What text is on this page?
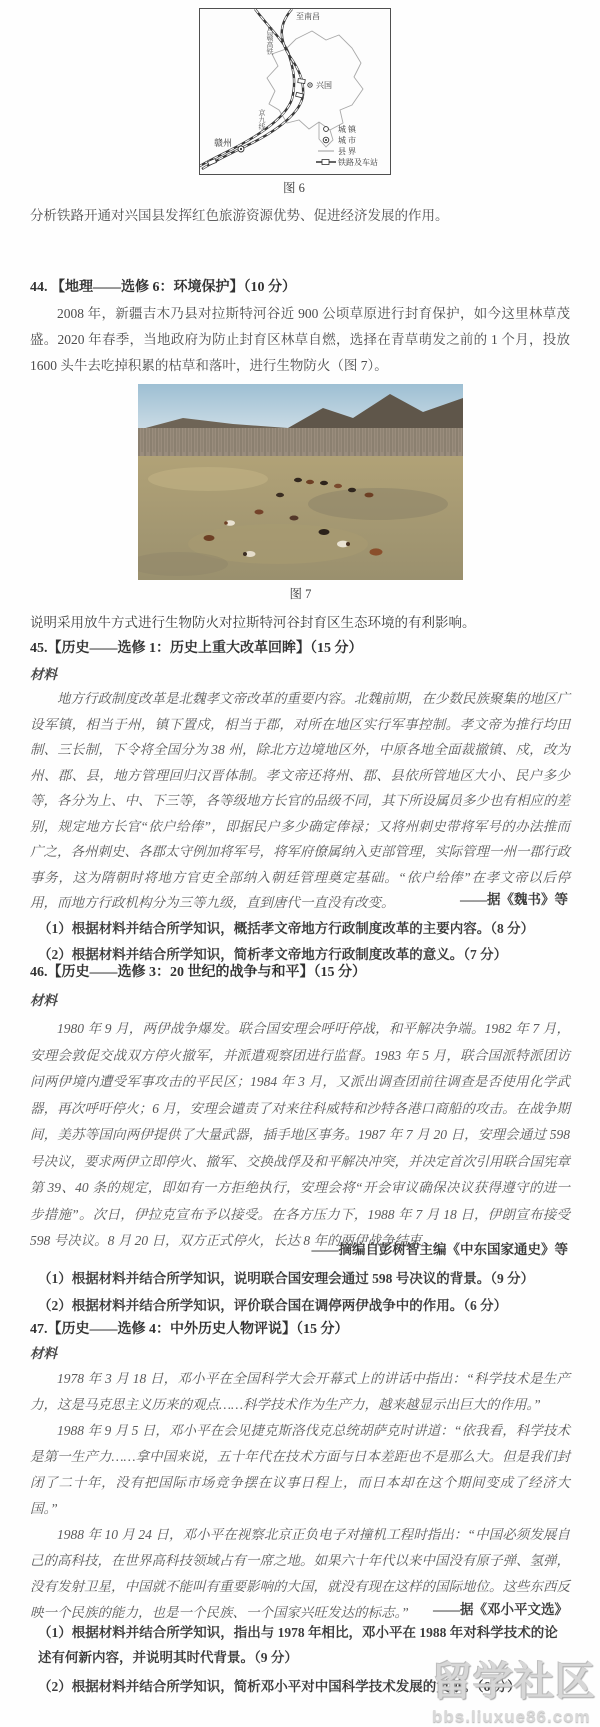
兴国
赣州
至南昌
昌赣高铁
京九线	城 镇
城 市
县 界
铁路及车站
图 6
分析铁路开通对兴国县发挥红色旅游资源优势、促进经济发展的作用。
44. 【地理——选修 6：环境保护】（10 分）
2008 年，新疆吉木乃县对拉斯特河谷近 900 公顷草原进行封育保护，如今这里林草茂盛。2020 年春季，当地政府为防止封育区林草自燃，选择在青草萌发之前的 1 个月，投放 1600 头牛去吃掉积累的枯草和落叶，进行生物防火（图 7）。
图 7
说明采用放牛方式进行生物防火对拉斯特河谷封育区生态环境的有利影响。
45.【历史——选修 1：历史上重大改革回眸】（15 分）
材料
地方行政制度改革是北魏孝文帝改革的重要内容。北魏前期，在少数民族聚集的地区广设军镇，相当于州，镇下置戍，相当于郡，对所在地区实行军事控制。孝文帝为推行均田制、三长制，下令将全国分为 38 州，除北方边境地区外，中原各地全面裁撤镇、戍，改为州、郡、县，地方管理回归汉晋体制。孝文帝还将州、郡、县依所管地区大小、民户多少等，各分为上、中、下三等，各等级地方长官的品级不同，其下所设属员多少也有相应的差别，规定地方长官“依户给俸”，即据民户多少确定俸禄；又将州刺史带将军号的办法推而广之，各州刺史、各郡太守例加将军号，将军府僚属纳入吏部管理，实际管理一州一郡行政事务，这为隋朝时将地方官吏全部纳入朝廷管理奠定基础。“依户给俸”在孝文帝以后停用，而地方行政机构分为三等九级，直到唐代一直没有改变。	——据《魏书》等
（1）根据材料并结合所学知识，概括孝文帝地方行政制度改革的主要内容。（8 分）
（2）根据材料并结合所学知识，简析孝文帝地方行政制度改革的意义。（7 分）
46.【历史——选修 3：20 世纪的战争与和平】（15 分）
材料
1980 年 9 月，两伊战争爆发。联合国安理会呼吁停战，和平解决争端。1982 年 7 月，安理会敦促交战双方停火撤军，并派遣观察团进行监督。1983 年 5 月，联合国派特派团访问两伊境内遭受军事攻击的平民区；1984 年 3 月，又派出调查团前往调查是否使用化学武器，再次呼吁停火；6 月，安理会谴责了对来往科威特和沙特各港口商船的攻击。在战争期间，美苏等国向两伊提供了大量武器，插手地区事务。1987 年 7 月 20 日，安理会通过 598 号决议，要求两伊立即停火、撤军、交换战俘及和平解决冲突，并决定首次引用联合国宪章第 39、40 条的规定，即如有一方拒绝执行，安理会将“开会审议确保决议获得遵守的进一步措施”。次日，伊拉克宣布予以接受。在各方压力下，1988 年 7 月 18 日，伊朗宣布接受 598 号决议。8 月 20 日，双方正式停火，长达 8 年的两伊战争结束。
——摘编自彭树智主编《中东国家通史》等
（1）根据材料并结合所学知识，说明联合国安理会通过 598 号决议的背景。（9 分）
（2）根据材料并结合所学知识，评价联合国在调停两伊战争中的作用。（6 分）
47.【历史——选修 4：中外历史人物评说】（15 分）
材料

1978 年 3 月 18 日，邓小平在全国科学大会开幕式上的讲话中指出：“科学技术是生产力，这是马克思主义历来的观点……科学技术作为生产力，越来越显示出巨大的作用。”

1988 年 9 月 5 日，邓小平在会见捷克斯洛伐克总统胡萨克时讲道：“依我看，科学技术是第一生产力……拿中国来说，五十年代在技术方面与日本差距也不是那么大。但是我们封闭了二十年，没有把国际市场竞争摆在议事日程上，而日本却在这个期间变成了经济大国。”

1988 年 10 月 24 日，邓小平在视察北京正负电子对撞机工程时指出：“中国必须发展自己的高科技，在世界高科技领域占有一席之地。如果六十年代以来中国没有原子弹、氢弹，没有发射卫星，中国就不能叫有重要影响的大国，就没有现在这样的国际地位。这些东西反映一个民族的能力，也是一个民族、一个国家兴旺发达的标志。”	——据《邓小平文选》
（1）根据材料并结合所学知识，指出与 1978 年相比，邓小平在 1988 年对科学技术的论述有何新内容，并说明其时代背景。（9 分）
（2）根据材料并结合所学知识，简析邓小平对中国科学技术发展的贡献。（6 分）
留学社区
bbs.liuxue86.com
